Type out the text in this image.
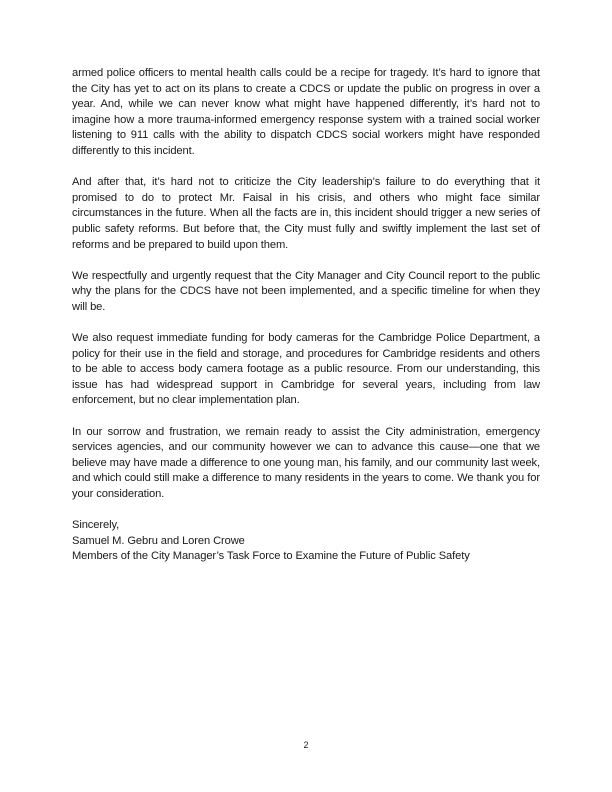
armed police officers to mental health calls could be a recipe for tragedy. It’s hard to ignore that the City has yet to act on its plans to create a CDCS or update the public on progress in over a year. And, while we can never know what might have happened differently, it’s hard not to imagine how a more trauma-informed emergency response system with a trained social worker listening to 911 calls with the ability to dispatch CDCS social workers might have responded differently to this incident.

And after that, it’s hard not to criticize the City leadership’s failure to do everything that it promised to do to protect Mr. Faisal in his crisis, and others who might face similar circumstances in the future. When all the facts are in, this incident should trigger a new series of public safety reforms. But before that, the City must fully and swiftly implement the last set of reforms and be prepared to build upon them.

We respectfully and urgently request that the City Manager and City Council report to the public why the plans for the CDCS have not been implemented, and a specific timeline for when they will be.

We also request immediate funding for body cameras for the Cambridge Police Department, a policy for their use in the field and storage, and procedures for Cambridge residents and others to be able to access body camera footage as a public resource. From our understanding, this issue has had widespread support in Cambridge for several years, including from law enforcement, but no clear implementation plan.

In our sorrow and frustration, we remain ready to assist the City administration, emergency services agencies, and our community however we can to advance this cause—one that we believe may have made a difference to one young man, his family, and our community last week, and which could still make a difference to many residents in the years to come. We thank you for your consideration.

Sincerely,
Samuel M. Gebru and Loren Crowe
Members of the City Manager’s Task Force to Examine the Future of Public Safety
2
